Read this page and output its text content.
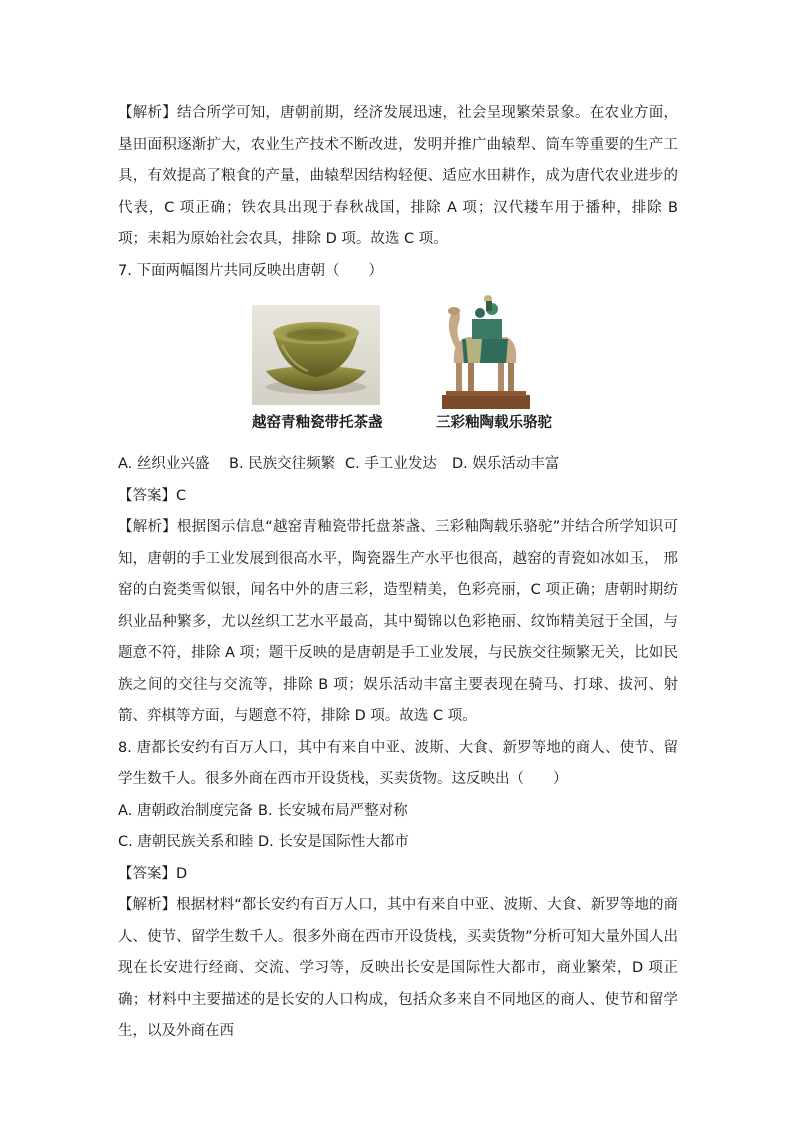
【解析】结合所学可知，唐朝前期，经济发展迅速，社会呈现繁荣景象。在农业方面，垦田面积逐渐扩大，农业生产技术不断改进，发明并推广曲辕犁、筒车等重要的生产工具，有效提高了粮食的产量，曲辕犁因结构轻便、适应水田耕作，成为唐代农业进步的代表，C 项正确；铁农具出现于春秋战国，排除 A 项；汉代耧车用于播种，排除 B 项；耒耜为原始社会农具，排除 D 项。故选 C 项。

7. 下面两幅图片共同反映出唐朝（　　）

越窑青釉瓷带托茶盏	三彩釉陶载乐骆驼
A. 丝织业兴盛 B. 民族交往频繁 C. 手工业发达 D. 娱乐活动丰富

【答案】C

【解析】根据图示信息“越窑青釉瓷带托盘茶盏、三彩釉陶载乐骆驼”并结合所学知识可知，唐朝的手工业发展到很高水平，陶瓷器生产水平也很高，越窑的青瓷如冰如玉， 邢窑的白瓷类雪似银，闻名中外的唐三彩，造型精美，色彩亮丽，C 项正确；唐朝时期纺织业品种繁多，尤以丝织工艺水平最高，其中蜀锦以色彩艳丽、纹饰精美冠于全国，与题意不符，排除 A 项；题干反映的是唐朝是手工业发展，与民族交往频繁无关，比如民族之间的交往与交流等，排除 B 项；娱乐活动丰富主要表现在骑马、打球、拔河、射箭、弈棋等方面，与题意不符，排除 D 项。故选 C 项。

8. 唐都长安约有百万人口，其中有来自中亚、波斯、大食、新罗等地的商人、使节、留学生数千人。很多外商在西市开设货栈，买卖货物。这反映出（　　）

A. 唐朝政治制度完备 B. 长安城布局严整对称
C. 唐朝民族关系和睦 D. 长安是国际性大都市

【答案】D

【解析】根据材料“都长安约有百万人口，其中有来自中亚、波斯、大食、新罗等地的商人、使节、留学生数千人。很多外商在西市开设货栈，买卖货物”分析可知大量外国人出现在长安进行经商、交流、学习等，反映出长安是国际性大都市，商业繁荣，D 项正确；材料中主要描述的是长安的人口构成，包括众多来自不同地区的商人、使节和留学生，以及外商在西
